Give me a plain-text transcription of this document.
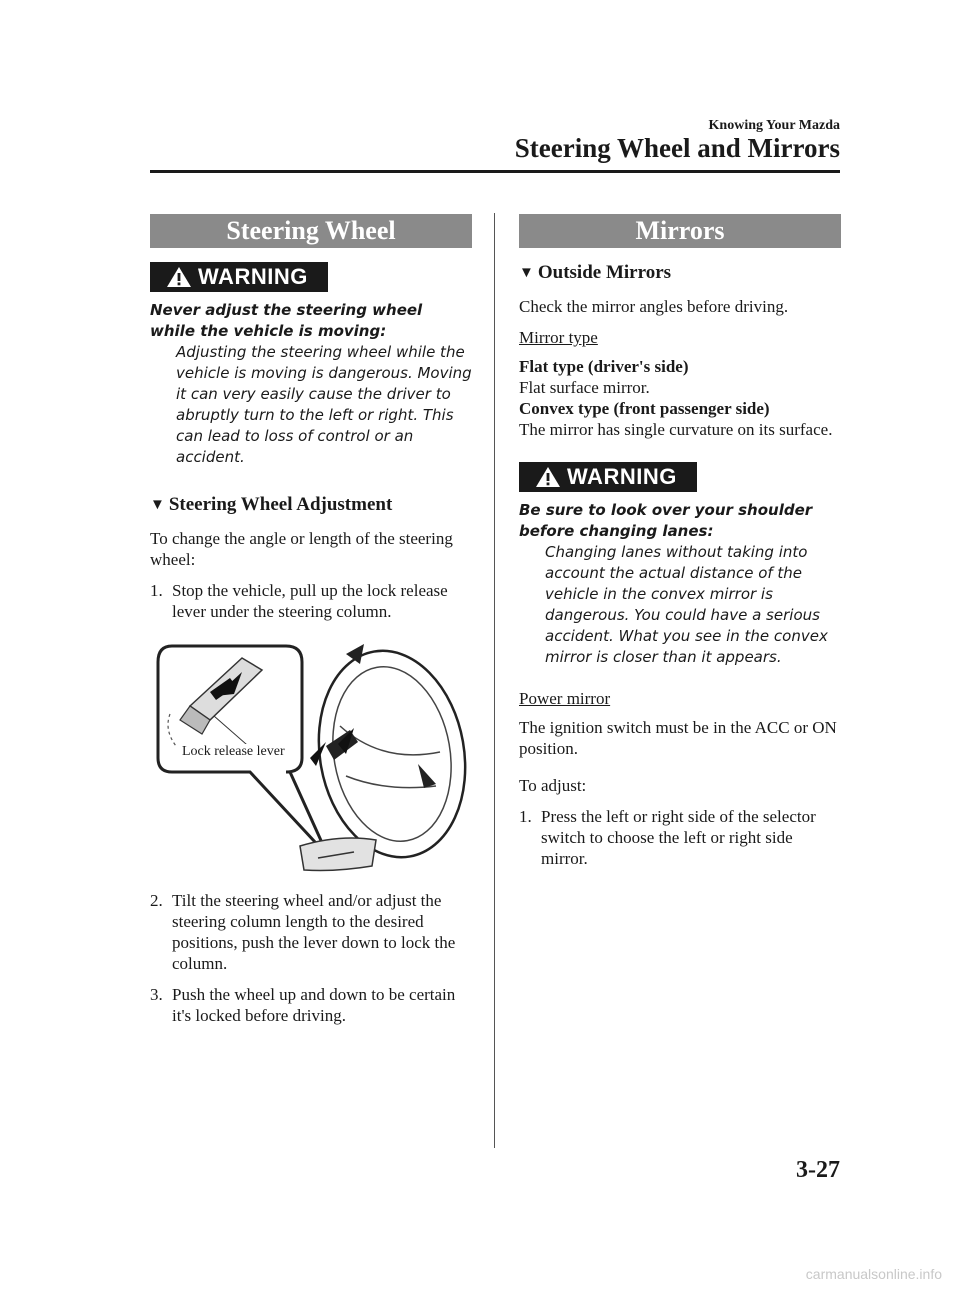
Knowing Your Mazda
Steering Wheel and Mirrors
Steering Wheel
WARNING

Never adjust the steering wheel while the vehicle is moving:

Adjusting the steering wheel while the vehicle is moving is dangerous. Moving it can very easily cause the driver to abruptly turn to the left or right. This can lead to loss of control or an accident.

▼ Steering Wheel Adjustment

To change the angle or length of the steering wheel:

1. Stop the vehicle, pull up the lock release lever under the steering column.
Lock release lever
2. Tilt the steering wheel and/or adjust the steering column length to the desired positions, push the lever down to lock the column.
3. Push the wheel up and down to be certain it's locked before driving.
Mirrors
▼ Outside Mirrors

Check the mirror angles before driving.

Mirror type

Flat type (driver's side)

Flat surface mirror.

Convex type (front passenger side)

The mirror has single curvature on its surface.

WARNING

Be sure to look over your shoulder before changing lanes:

Changing lanes without taking into account the actual distance of the vehicle in the convex mirror is dangerous. You could have a serious accident. What you see in the convex mirror is closer than it appears.

Power mirror

The ignition switch must be in the ACC or ON position.

To adjust:

1. Press the left or right side of the selector switch to choose the left or right side mirror.
3-27
carmanualsonline.info
